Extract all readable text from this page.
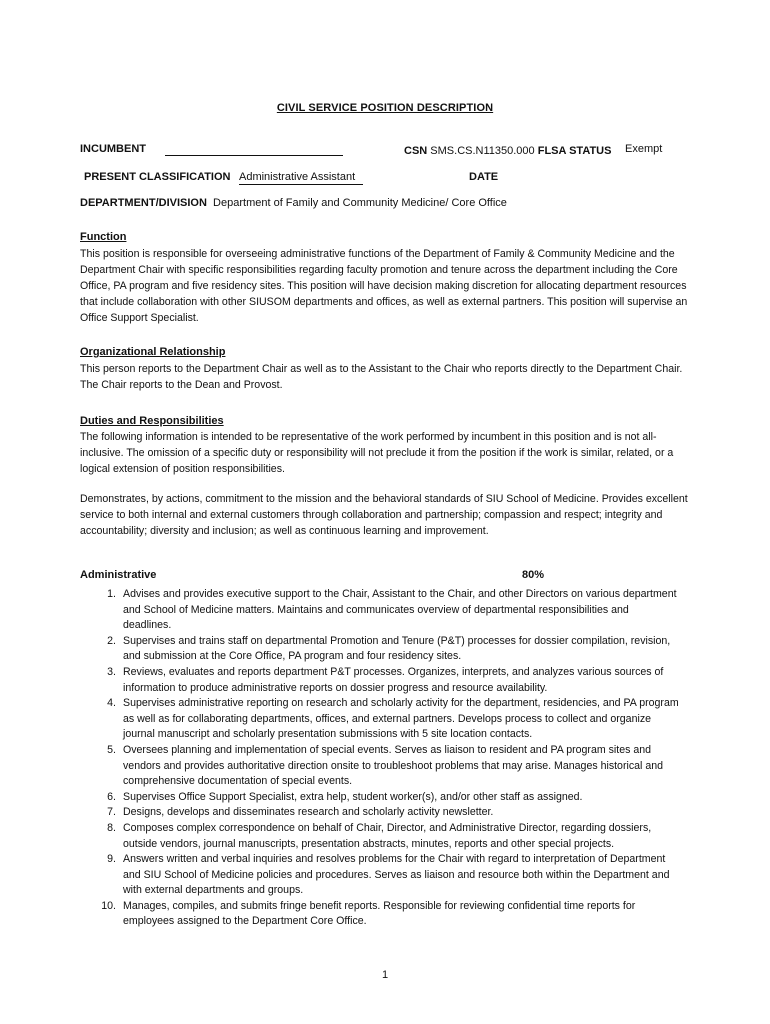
CIVIL SERVICE POSITION DESCRIPTION
INCUMBENT	CSN SMS.CS.N11350.000 FLSA STATUS Exempt
PRESENT CLASSIFICATION Administrative Assistant	DATE
DEPARTMENT/DIVISION Department of Family and Community Medicine/ Core Office
Function

This position is responsible for overseeing administrative functions of the Department of Family & Community Medicine and the Department Chair with specific responsibilities regarding faculty promotion and tenure across the department including the Core Office, PA program and five residency sites. This position will have decision making discretion for allocating department resources that include collaboration with other SIUSOM departments and offices, as well as external partners. This position will supervise an Office Support Specialist.

Organizational Relationship

This person reports to the Department Chair as well as to the Assistant to the Chair who reports directly to the Department Chair. The Chair reports to the Dean and Provost.

Duties and Responsibilities

The following information is intended to be representative of the work performed by incumbent in this position and is not all-inclusive. The omission of a specific duty or responsibility will not preclude it from the position if the work is similar, related, or a logical extension of position responsibilities.

Demonstrates, by actions, commitment to the mission and the behavioral standards of SIU School of Medicine. Provides excellent service to both internal and external customers through collaboration and partnership; compassion and respect; integrity and accountability; diversity and inclusion; as well as continuous learning and improvement.

Administrative	80%
1. Advises and provides executive support to the Chair, Assistant to the Chair, and other Directors on various department and School of Medicine matters. Maintains and communicates overview of departmental responsibilities and deadlines.
2. Supervises and trains staff on departmental Promotion and Tenure (P&T) processes for dossier compilation, revision, and submission at the Core Office, PA program and four residency sites.
3. Reviews, evaluates and reports department P&T processes. Organizes, interprets, and analyzes various sources of information to produce administrative reports on dossier progress and resource availability.
4. Supervises administrative reporting on research and scholarly activity for the department, residencies, and PA program as well as for collaborating departments, offices, and external partners. Develops process to collect and organize journal manuscript and scholarly presentation submissions with 5 site location contacts.
5. Oversees planning and implementation of special events. Serves as liaison to resident and PA program sites and vendors and provides authoritative direction onsite to troubleshoot problems that may arise. Manages historical and comprehensive documentation of special events.
6. Supervises Office Support Specialist, extra help, student worker(s), and/or other staff as assigned.
7. Designs, develops and disseminates research and scholarly activity newsletter.
8. Composes complex correspondence on behalf of Chair, Director, and Administrative Director, regarding dossiers, outside vendors, journal manuscripts, presentation abstracts, minutes, reports and other special projects.
9. Answers written and verbal inquiries and resolves problems for the Chair with regard to interpretation of Department and SIU School of Medicine policies and procedures. Serves as liaison and resource both within the Department and with external departments and groups.
10. Manages, compiles, and submits fringe benefit reports. Responsible for reviewing confidential time reports for employees assigned to the Department Core Office.
1
